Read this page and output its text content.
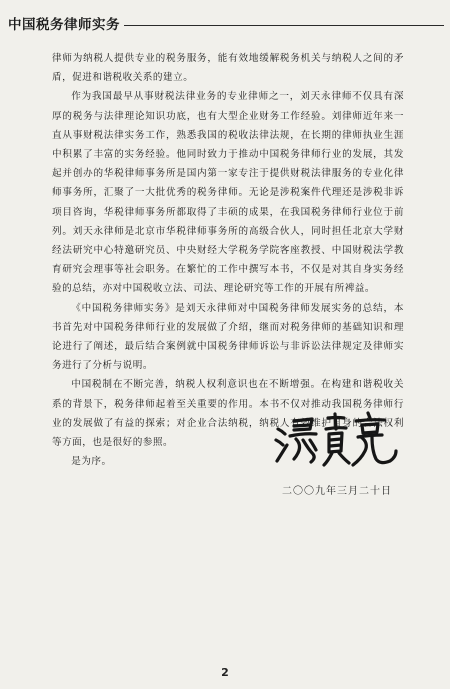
中国税务律师实务

律师为纳税人提供专业的税务服务，能有效地缓解税务机关与纳税人之间的矛盾，促进和谐税收关系的建立。

作为我国最早从事财税法律业务的专业律师之一，刘天永律师不仅具有深厚的税务与法律理论知识功底，也有大型企业财务工作经验。刘律师近年来一直从事财税法律实务工作，熟悉我国的税收法律法规，在长期的律师执业生涯中积累了丰富的实务经验。他同时致力于推动中国税务律师行业的发展，其发起并创办的华税律师事务所是国内第一家专注于提供财税法律服务的专业化律师事务所，汇聚了一大批优秀的税务律师。无论是涉税案件代理还是涉税非诉项目咨询，华税律师事务所都取得了丰硕的成果，在我国税务律师行业位于前列。刘天永律师是北京市华税律师事务所的高级合伙人，同时担任北京大学财经法研究中心特邀研究员、中央财经大学税务学院客座教授、中国财税法学教育研究会理事等社会职务。在繁忙的工作中撰写本书，不仅是对其自身实务经验的总结，亦对中国税收立法、司法、理论研究等工作的开展有所裨益。

《中国税务律师实务》是刘天永律师对中国税务律师发展实务的总结，本书首先对中国税务律师行业的发展做了介绍，继而对税务律师的基础知识和理论进行了阐述，最后结合案例就中国税务律师诉讼与非诉讼法律规定及律师实务进行了分析与说明。

中国税制在不断完善，纳税人权利意识也在不断增强。在构建和谐税收关系的背景下，税务律师起着至关重要的作用。本书不仅对推动我国税务律师行业的发展做了有益的探索；对企业合法纳税，纳税人有效维护自身的合法权利等方面，也是很好的参照。

是为序。

二〇〇九年三月二十日
2
